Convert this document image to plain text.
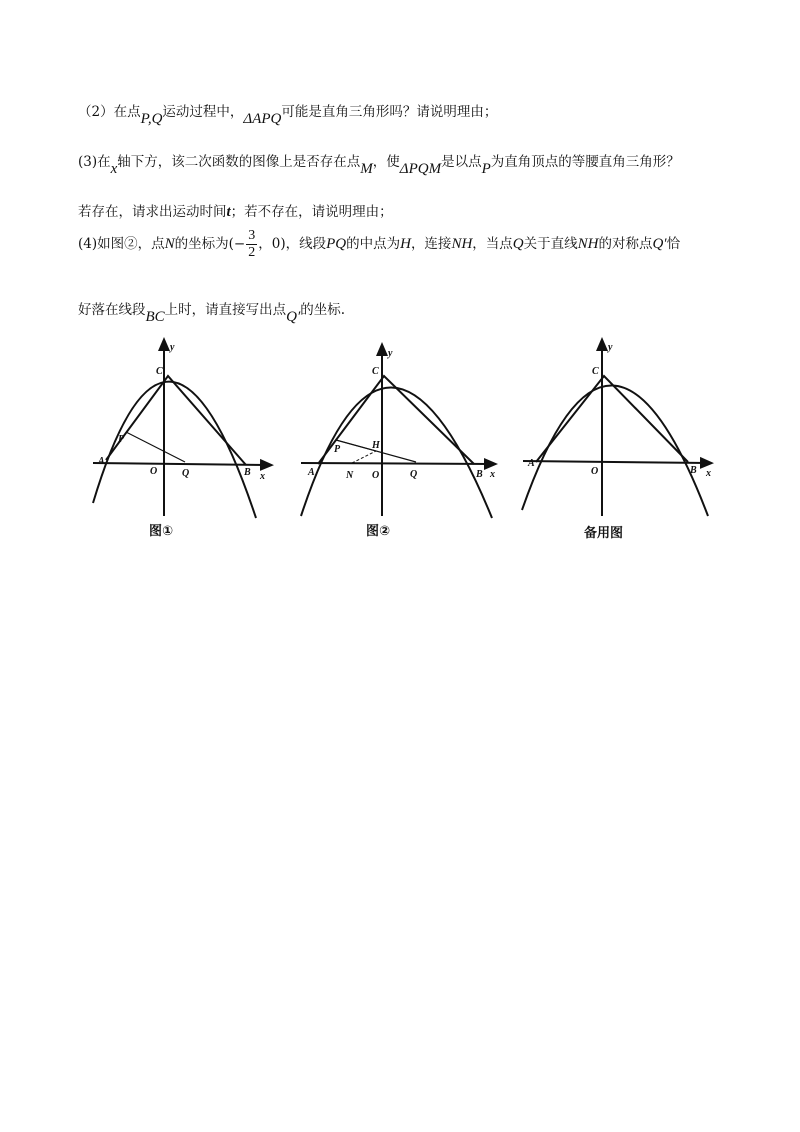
（2）在点P,Q运动过程中，ΔAPQ可能是直角三角形吗？请说明理由；
(3)在x轴下方，该二次函数的图像上是否存在点M，使ΔPQM是以点P为直角顶点的等腰直角三角形？
若存在，请求出运动时间t；若不存在，请说明理由；
(4)如图②，点N的坐标为(− $\frac{3}{2}$ ，0)，线段PQ的中点为H，连接NH，当点Q关于直线NH的对称点Q′恰
好落在线段BC上时，请直接写出点Q′的坐标.
y
x
C
P
A
O Q	B
图①
y
x
C
P	H
A	N O	Q	B
图②
y
x
C
A
O	B
备用图
